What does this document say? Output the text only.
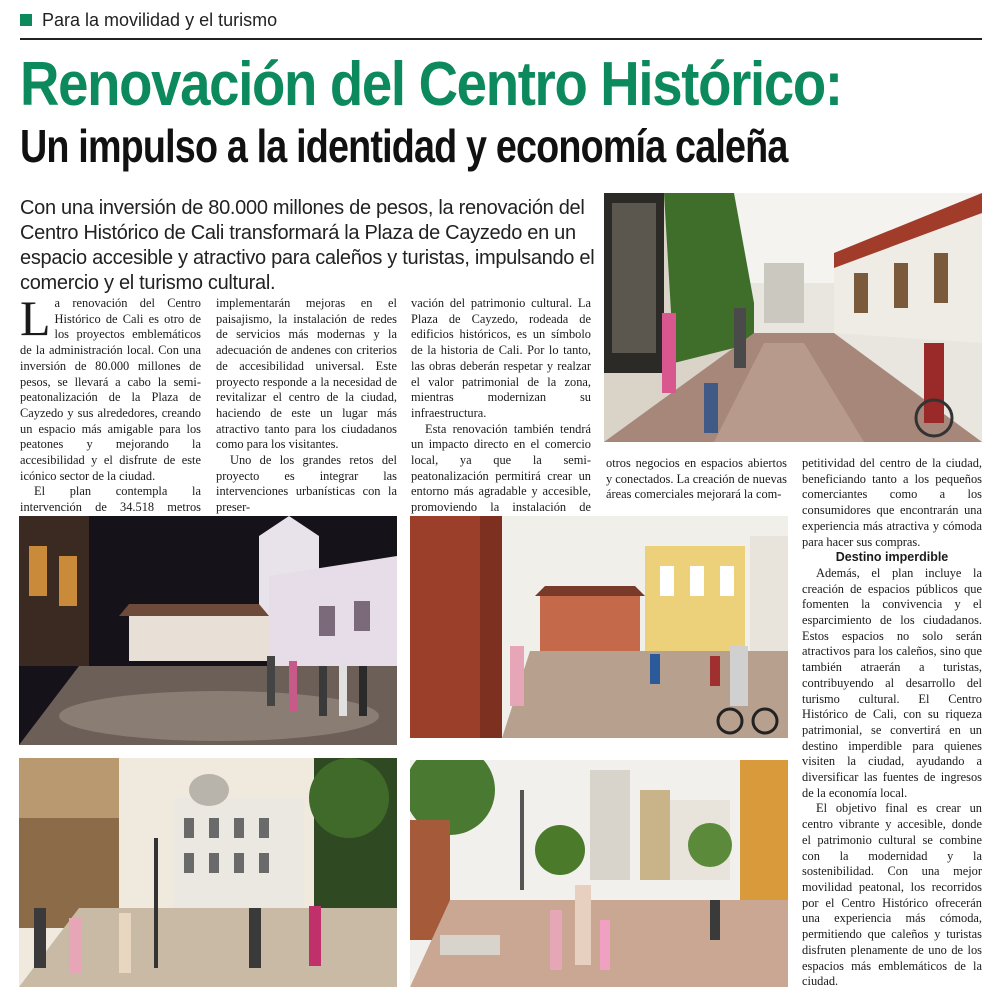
Para la movilidad y el turismo
Renovación del Centro Histórico:
Un impulso a la identidad y economía caleña
Con una inversión de 80.000 millones de pesos, la renovación del Centro Histórico de Cali transformará la Plaza de Cayzedo en un espacio accesible y atractivo para caleños y turistas, impulsando el comercio y el turismo cultural.

La renovación del Centro Histórico de Cali es otro de los proyectos emblemáticos de la administración local. Con una inversión de 80.000 millones de pesos, se llevará a cabo la semi-peatonalización de la Plaza de Cayzedo y sus alrededores, creando un espacio más amigable para los peatones y mejorando la accesibilidad y el disfrute de este icónico sector de la ciudad.

El plan contempla la intervención de 34.518 metros

implementarán mejoras en el paisajismo, la instalación de redes de servicios más modernas y la adecuación de andenes con criterios de accesibilidad universal. Este proyecto responde a la necesidad de revitalizar el centro de la ciudad, haciendo de este un lugar más atractivo tanto para los ciudadanos como para los visitantes.

Uno de los grandes retos del proyecto es integrar las intervenciones urbanísticas con la preser-

vación del patrimonio cultural. La Plaza de Cayzedo, rodeada de edificios históricos, es un símbolo de la historia de Cali. Por lo tanto, las obras deberán respetar y realzar el valor patrimonial de la zona, mientras modernizan su infraestructura.

Esta renovación también tendrá un impacto directo en el comercio local, ya que la semi-peatonalización permitirá crear un entorno más agradable y accesible, promoviendo la instalación de

otros negocios en espacios abiertos y conectados. La creación de nuevas áreas comerciales mejorará la com-

petitividad del centro de la ciudad, beneficiando tanto a los pequeños comerciantes como a los consumidores que encontrarán una experiencia más atractiva y cómoda para hacer sus compras.

Destino imperdible

Además, el plan incluye la creación de espacios públicos que fomenten la convivencia y el esparcimiento de los ciudadanos. Estos espacios no solo serán atractivos para los caleños, sino que también atraerán a turistas, contribuyendo al desarrollo del turismo cultural. El Centro Histórico de Cali, con su riqueza patrimonial, se convertirá en un destino imperdible para quienes visiten la ciudad, ayudando a diversificar las fuentes de ingresos de la economía local.

El objetivo final es crear un centro vibrante y accesible, donde el patrimonio cultural se combine con la modernidad y la sostenibilidad. Con una mejor movilidad peatonal, los recorridos por el Centro Histórico ofrecerán una experiencia más cómoda, permitiendo que caleños y turistas disfruten plenamente de uno de los espacios más emblemáticos de la ciudad.
